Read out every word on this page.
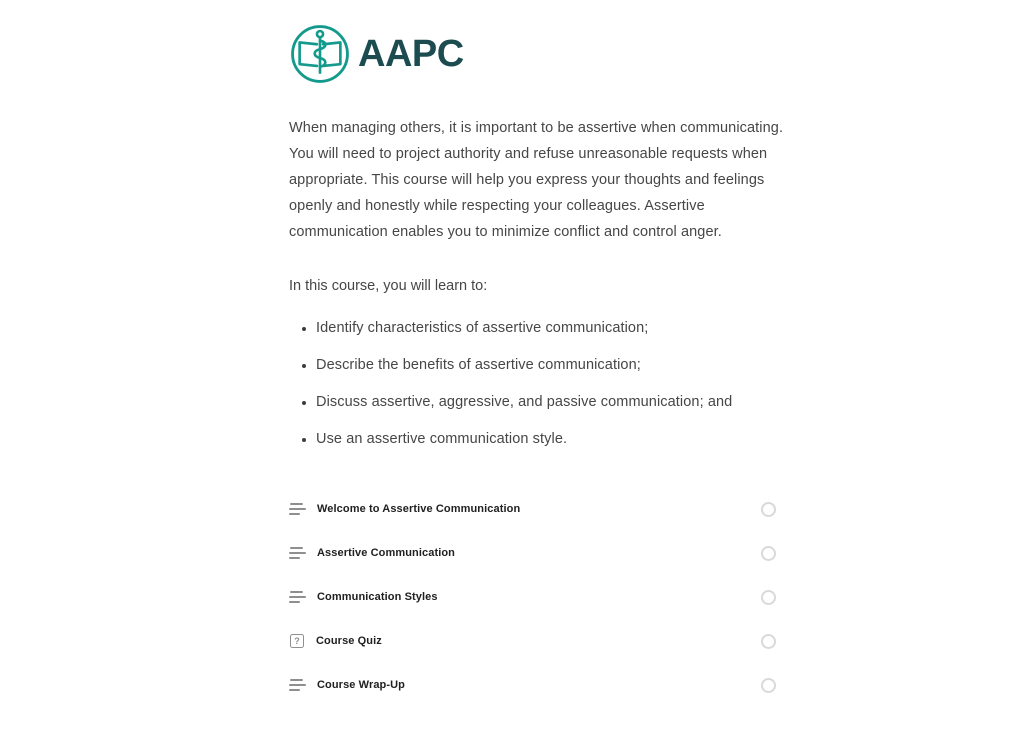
AAPC

When managing others, it is important to be assertive when communicating. You will need to project authority and refuse unreasonable requests when appropriate. This course will help you express your thoughts and feelings openly and honestly while respecting your colleagues. Assertive communication enables you to minimize conflict and control anger.

In this course, you will learn to:

• Identify characteristics of assertive communication;
• Describe the benefits of assertive communication;
• Discuss assertive, aggressive, and passive communication; and
• Use an assertive communication style.
Welcome to Assertive Communication
Assertive Communication
Communication Styles
?	Course Quiz
Course Wrap-Up
